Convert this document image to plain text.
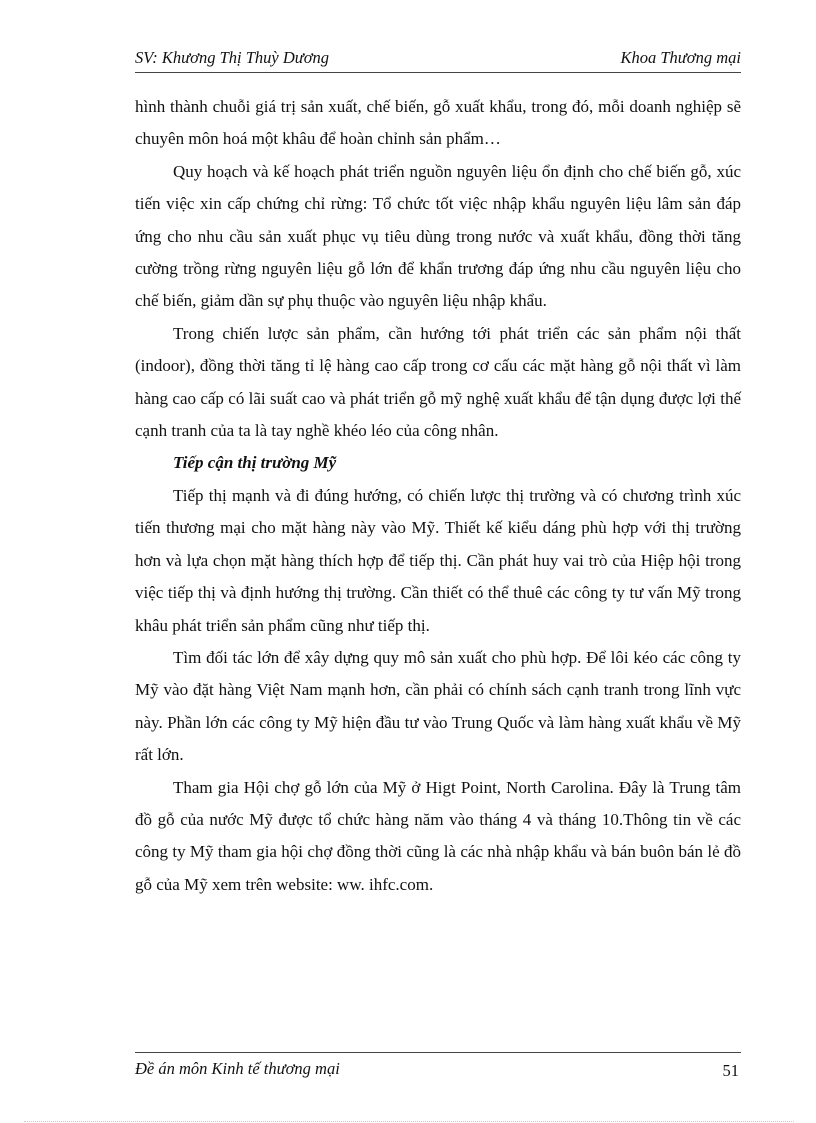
SV: Khương Thị Thuỳ Dương	Khoa Thương mại

hình thành chuỗi giá trị sản xuất, chế biến, gỗ xuất khẩu, trong đó, mỗi doanh nghiệp sẽ chuyên môn hoá một khâu để hoàn chỉnh sản phẩm…

Quy hoạch và kế hoạch phát triển nguồn nguyên liệu ổn định cho chế biến gỗ, xúc tiến việc xin cấp chứng chỉ rừng: Tổ chức tốt việc nhập khẩu nguyên liệu lâm sản đáp ứng cho nhu cầu sản xuất phục vụ tiêu dùng trong nước và xuất khẩu, đồng thời tăng cường trồng rừng nguyên liệu gỗ lớn để khẩn trương đáp ứng nhu cầu nguyên liệu cho chế biến, giảm dần sự phụ thuộc vào nguyên liệu nhập khẩu.

Trong chiến lược sản phẩm, cần hướng tới phát triển các sản phẩm nội thất (indoor), đồng thời tăng tỉ lệ hàng cao cấp trong cơ cấu các mặt hàng gỗ nội thất vì làm hàng cao cấp có lãi suất cao và phát triển gỗ mỹ nghệ xuất khẩu để tận dụng được lợi thế cạnh tranh của ta là tay nghề khéo léo của công nhân.

Tiếp cận thị trường Mỹ

Tiếp thị mạnh và đi đúng hướng, có chiến lược thị trường và có chương trình xúc tiến thương mại cho mặt hàng này vào Mỹ. Thiết kế kiểu dáng phù hợp với thị trường hơn và lựa chọn mặt hàng thích hợp để tiếp thị. Cần phát huy vai trò của Hiệp hội trong việc tiếp thị và định hướng thị trường. Cần thiết có thể thuê các công ty tư vấn Mỹ trong khâu phát triển sản phẩm cũng như tiếp thị.

Tìm đối tác lớn để xây dựng quy mô sản xuất cho phù hợp. Để lôi kéo các công ty Mỹ vào đặt hàng Việt Nam mạnh hơn, cần phải có chính sách cạnh tranh trong lĩnh vực này. Phần lớn các công ty Mỹ hiện đầu tư vào Trung Quốc và làm hàng xuất khẩu về Mỹ rất lớn.

Tham gia Hội chợ gỗ lớn của Mỹ ở Higt Point, North Carolina. Đây là Trung tâm đồ gỗ của nước Mỹ được tổ chức hàng năm vào tháng 4 và tháng 10.Thông tin về các công ty Mỹ tham gia hội chợ đồng thời cũng là các nhà nhập khẩu và bán buôn bán lẻ đồ gỗ của Mỹ xem trên website: ww. ihfc.com.

Đề án môn Kinh tế thương mại	51
